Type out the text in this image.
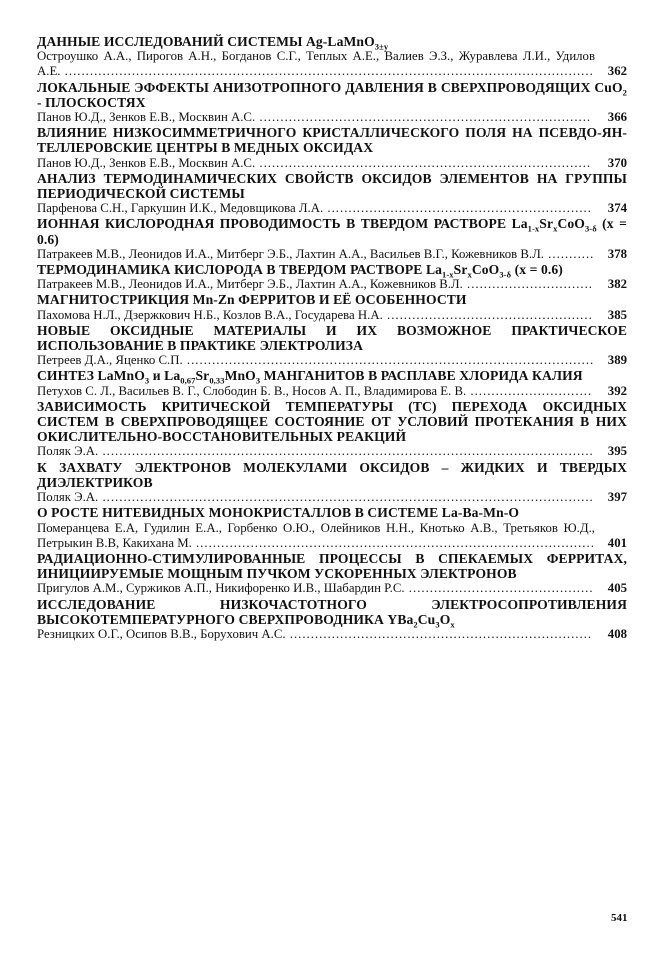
ДАННЫЕ ИССЛЕДОВАНИЙ СИСТЕМЫ Ag-LaMnO$_{3\pm y}$
Остроушко А.А., Пирогов А.Н., Богданов С.Г., Теплых А.Е., Валиев Э.З., Журавлева Л.И., Удилов А.Е. ..............................................................................................................................	362
ЛОКАЛЬНЫЕ ЭФФЕКТЫ АНИЗОТРОПНОГО ДАВЛЕНИЯ В СВЕРХПРОВОДЯЩИХ CuO$_2$ - ПЛОСКОСТЯХ
Панов Ю.Д., Зенков Е.В., Москвин А.С. ...............................................................................	366
ВЛИЯНИЕ НИЗКОСИММЕТРИЧНОГО КРИСТАЛЛИЧЕСКОГО ПОЛЯ НА ПСЕВДО-ЯН-ТЕЛЛЕРОВСКИЕ ЦЕНТРЫ В МЕДНЫХ ОКСИДАХ
Панов Ю.Д., Зенков Е.В., Москвин А.С. ...............................................................................	370
АНАЛИЗ ТЕРМОДИНАМИЧЕСКИХ СВОЙСТВ ОКСИДОВ ЭЛЕМЕНТОВ НА ГРУППЫ ПЕРИОДИЧЕСКОЙ СИСТЕМЫ
Парфенова С.Н., Гаркушин И.К., Медовщикова Л.А. ...............................................................	374
ИОННАЯ КИСЛОРОДНАЯ ПРОВОДИМОСТЬ В ТВЕРДОМ РАСТВОРЕ $La_{1-x}Sr_xCoO_{3-\delta}$ (x = 0.6)
Патракеев М.В., Леонидов И.А., Митберг Э.Б., Лахтин А.А., Васильев В.Г., Кожевников В.Л. ...........	378
ТЕРМОДИНАМИКА КИСЛОРОДА В ТВЕРДОМ РАСТВОРЕ $La_{1-x}Sr_xCoO_{3-\delta}$ (x = 0.6)
Патракеев М.В., Леонидов И.А., Митберг Э.Б., Лахтин А.А., Кожевников В.Л. ..............................	382
МАГНИТОСТРИКЦИЯ Mn-Zn ФЕРРИТОВ И ЕЁ ОСОБЕННОСТИ
Пахомова Н.Л., Дзержкович Н.Б., Козлов В.А., Государева Н.А. .................................................	385
НОВЫЕ ОКСИДНЫЕ МАТЕРИАЛЫ И ИХ ВОЗМОЖНОЕ ПРАКТИЧЕСКОЕ ИСПОЛЬЗОВАНИЕ В ПРАКТИКЕ ЭЛЕКТРОЛИЗА
Петреев Д.А., Яценко С.П. .................................................................................................	389
СИНТЕЗ LaMnO$_3$ и $La_{0,67}Sr_{0,33}MnO_3$ МАНГАНИТОВ В РАСПЛАВЕ ХЛОРИДА КАЛИЯ
Петухов С. Л., Васильев В. Г., Слободин Б. В., Носов А. П., Владимирова Е. В. .............................	392
ЗАВИСИМОСТЬ КРИТИЧЕСКОЙ ТЕМПЕРАТУРЫ (ТС) ПЕРЕХОДА ОКСИДНЫХ СИСТЕМ В СВЕРХПРОВОДЯЩЕЕ СОСТОЯНИЕ ОТ УСЛОВИЙ ПРОТЕКАНИЯ В НИХ ОКИСЛИТЕЛЬНО-ВОССТАНОВИТЕЛЬНЫХ РЕАКЦИЙ
Поляк Э.А. .....................................................................................................................	395
К ЗАХВАТУ ЭЛЕКТРОНОВ МОЛЕКУЛАМИ ОКСИДОВ – ЖИДКИХ И ТВЕРДЫХ ДИЭЛЕКТРИКОВ
Поляк Э.А. .....................................................................................................................	397
О РОСТЕ НИТЕВИДНЫХ МОНОКРИСТАЛЛОВ В СИСТЕМЕ La-Ba-Mn-O
Померанцева Е.А, Гудилин Е.А., Горбенко О.Ю., Олейников Н.Н., Кнотько А.В., Третьяков Ю.Д., Петрыкин В.В, Какихана М. ...............................................................................................	401
РАДИАЦИОННО-СТИМУЛИРОВАННЫЕ ПРОЦЕССЫ В СПЕКАЕМЫХ ФЕРРИТАХ, ИНИЦИИРУЕМЫЕ МОЩНЫМ ПУЧКОМ УСКОРЕННЫХ ЭЛЕКТРОНОВ
Пригулов А.М., Суржиков А.П., Никифоренко И.В., Шабардин Р.С. ............................................	405
ИССЛЕДОВАНИЕ НИЗКОЧАСТОТНОГО ЭЛЕКТРОСОПРОТИВЛЕНИЯ ВЫСОКОТЕМПЕРАТУРНОГО СВЕРХПРОВОДНИКА $YBa_2Cu_3O_x$
Резницких О.Г., Осипов В.В., Борухович А.С. ........................................................................	408
541
